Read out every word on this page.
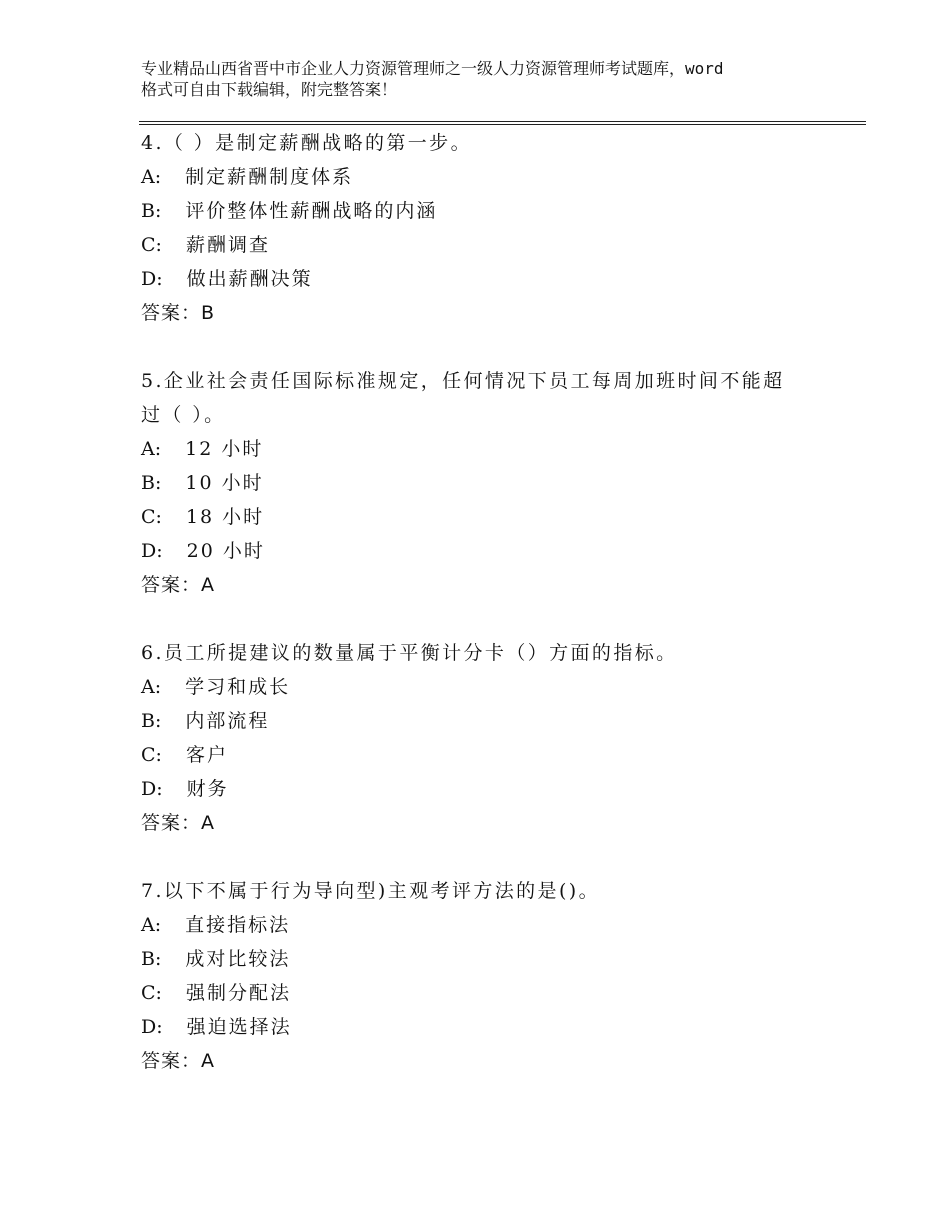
专业精品山西省晋中市企业人力资源管理师之一级人力资源管理师考试题库，word
格式可自由下载编辑，附完整答案！
4.（ ）是制定薪酬战略的第一步。
A: 制定薪酬制度体系
B: 评价整体性薪酬战略的内涵
C: 薪酬调查
D: 做出薪酬决策
答案：B
5.企业社会责任国际标准规定，任何情况下员工每周加班时间不能超
过（ ）。
A: 12 小时
B: 10 小时
C: 18 小时
D: 20 小时
答案：A
6.员工所提建议的数量属于平衡计分卡（）方面的指标。
A: 学习和成长
B: 内部流程
C: 客户
D: 财务
答案：A
7.以下不属于行为导向型)主观考评方法的是()。
A: 直接指标法
B: 成对比较法
C: 强制分配法
D: 强迫选择法
答案：A
